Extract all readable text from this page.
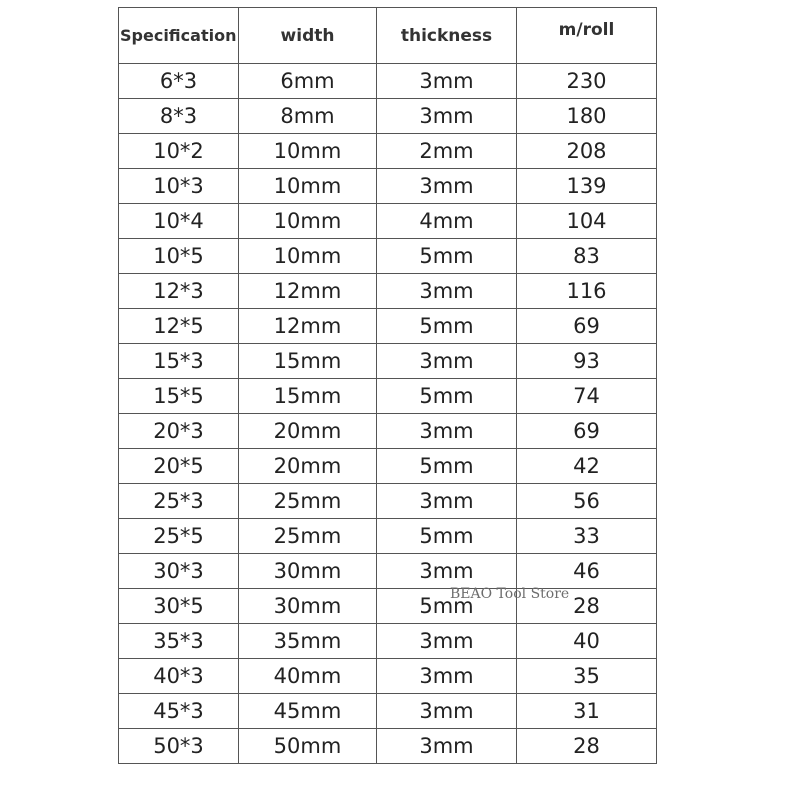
Specification	width	thickness	m/roll
6*3	6mm	3mm	230
8*3	8mm	3mm	180
10*2	10mm	2mm	208
10*3	10mm	3mm	139
10*4	10mm	4mm	104
10*5	10mm	5mm	83
12*3	12mm	3mm	116
12*5	12mm	5mm	69
15*3	15mm	3mm	93
15*5	15mm	5mm	74
20*3	20mm	3mm	69
20*5	20mm	5mm	42
25*3	25mm	3mm	56
25*5	25mm	5mm	33
30*3	30mm	3mm	46
30*5	30mm	5mm	28
35*3	35mm	3mm	40
40*3	40mm	3mm	35
45*3	45mm	3mm	31
50*3	50mm	3mm	28
BEAO Tool Store
